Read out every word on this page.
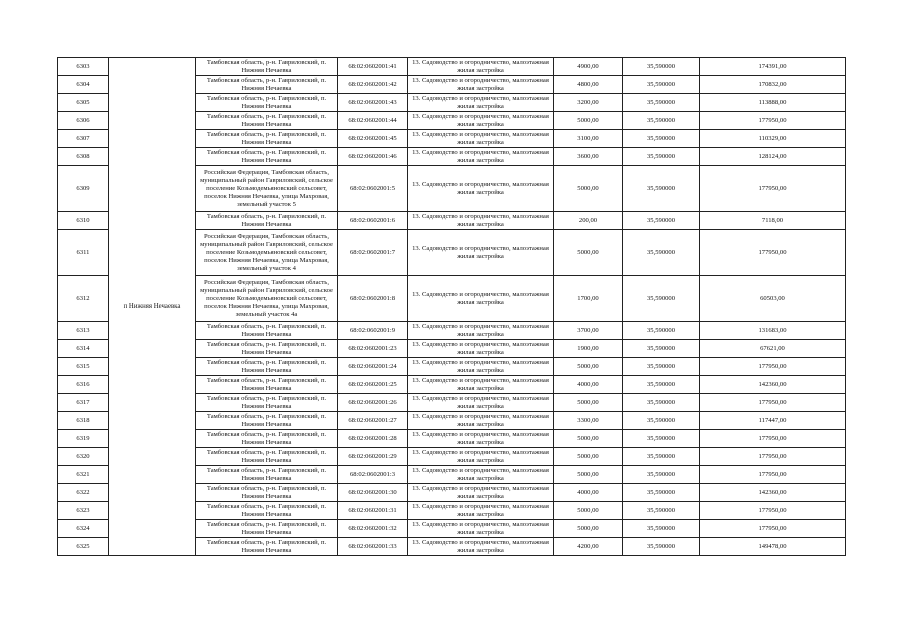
6303	п Нижняя Нечаевка	Тамбовская область, р-н. Гавриловский, п. Нижняя Нечаевка	68:02:0602001:41	13. Садоводство и огородничество, малоэтажная жилая застройка	4900,00	35,590000	174391,00
6304		Тамбовская область, р-н. Гавриловский, п. Нижняя Нечаевка	68:02:0602001:42	13. Садоводство и огородничество, малоэтажная жилая застройка	4800,00	35,590000	170832,00
6305		Тамбовская область, р-н. Гавриловский, п. Нижняя Нечаевка	68:02:0602001:43	13. Садоводство и огородничество, малоэтажная жилая застройка	3200,00	35,590000	113888,00
6306		Тамбовская область, р-н. Гавриловский, п. Нижняя Нечаевка	68:02:0602001:44	13. Садоводство и огородничество, малоэтажная жилая застройка	5000,00	35,590000	177950,00
6307		Тамбовская область, р-н. Гавриловский, п. Нижняя Нечаевка	68:02:0602001:45	13. Садоводство и огородничество, малоэтажная жилая застройка	3100,00	35,590000	110329,00
6308		Тамбовская область, р-н. Гавриловский, п. Нижняя Нечаевка	68:02:0602001:46	13. Садоводство и огородничество, малоэтажная жилая застройка	3600,00	35,590000	128124,00
6309		Российская Федерация, Тамбовская область, муниципальный район Гавриловский, сельское поселение Козьмодемьяновский сельсовет, поселок Нижняя Нечаевка, улица Махровая, земельный участок 5	68:02:0602001:5	13. Садоводство и огородничество, малоэтажная жилая застройка	5000,00	35,590000	177950,00
6310		Тамбовская область, р-н. Гавриловский, п. Нижняя Нечаевка	68:02:0602001:6	13. Садоводство и огородничество, малоэтажная жилая застройка	200,00	35,590000	7118,00
6311		Российская Федерация, Тамбовская область, муниципальный район Гавриловский, сельское поселение Козьмодемьяновский сельсовет, поселок Нижняя Нечаевка, улица Махровая, земельный участок 4	68:02:0602001:7	13. Садоводство и огородничество, малоэтажная жилая застройка	5000,00	35,590000	177950,00
6312		Российская Федерация, Тамбовская область, муниципальный район Гавриловский, сельское поселение Козьмодемьяновский сельсовет, поселок Нижняя Нечаевка, улица Махровая, земельный участок 4а	68:02:0602001:8	13. Садоводство и огородничество, малоэтажная жилая застройка	1700,00	35,590000	60503,00
6313		Тамбовская область, р-н. Гавриловский, п. Нижняя Нечаевка	68:02:0602001:9	13. Садоводство и огородничество, малоэтажная жилая застройка	3700,00	35,590000	131683,00
6314		Тамбовская область, р-н. Гавриловский, п. Нижняя Нечаевка	68:02:0602001:23	13. Садоводство и огородничество, малоэтажная жилая застройка	1900,00	35,590000	67621,00
6315		Тамбовская область, р-н. Гавриловский, п. Нижняя Нечаевка	68:02:0602001:24	13. Садоводство и огородничество, малоэтажная жилая застройка	5000,00	35,590000	177950,00
6316		Тамбовская область, р-н. Гавриловский, п. Нижняя Нечаевка	68:02:0602001:25	13. Садоводство и огородничество, малоэтажная жилая застройка	4000,00	35,590000	142360,00
6317		Тамбовская область, р-н. Гавриловский, п. Нижняя Нечаевка	68:02:0602001:26	13. Садоводство и огородничество, малоэтажная жилая застройка	5000,00	35,590000	177950,00
6318		Тамбовская область, р-н. Гавриловский, п. Нижняя Нечаевка	68:02:0602001:27	13. Садоводство и огородничество, малоэтажная жилая застройка	3300,00	35,590000	117447,00
6319		Тамбовская область, р-н. Гавриловский, п. Нижняя Нечаевка	68:02:0602001:28	13. Садоводство и огородничество, малоэтажная жилая застройка	5000,00	35,590000	177950,00
6320		Тамбовская область, р-н. Гавриловский, п. Нижняя Нечаевка	68:02:0602001:29	13. Садоводство и огородничество, малоэтажная жилая застройка	5000,00	35,590000	177950,00
6321		Тамбовская область, р-н. Гавриловский, п. Нижняя Нечаевка	68:02:0602001:3	13. Садоводство и огородничество, малоэтажная жилая застройка	5000,00	35,590000	177950,00
6322		Тамбовская область, р-н. Гавриловский, п. Нижняя Нечаевка	68:02:0602001:30	13. Садоводство и огородничество, малоэтажная жилая застройка	4000,00	35,590000	142360,00
6323		Тамбовская область, р-н. Гавриловский, п. Нижняя Нечаевка	68:02:0602001:31	13. Садоводство и огородничество, малоэтажная жилая застройка	5000,00	35,590000	177950,00
6324		Тамбовская область, р-н. Гавриловский, п. Нижняя Нечаевка	68:02:0602001:32	13. Садоводство и огородничество, малоэтажная жилая застройка	5000,00	35,590000	177950,00
6325		Тамбовская область, р-н. Гавриловский, п. Нижняя Нечаевка	68:02:0602001:33	13. Садоводство и огородничество, малоэтажная жилая застройка	4200,00	35,590000	149478,00
